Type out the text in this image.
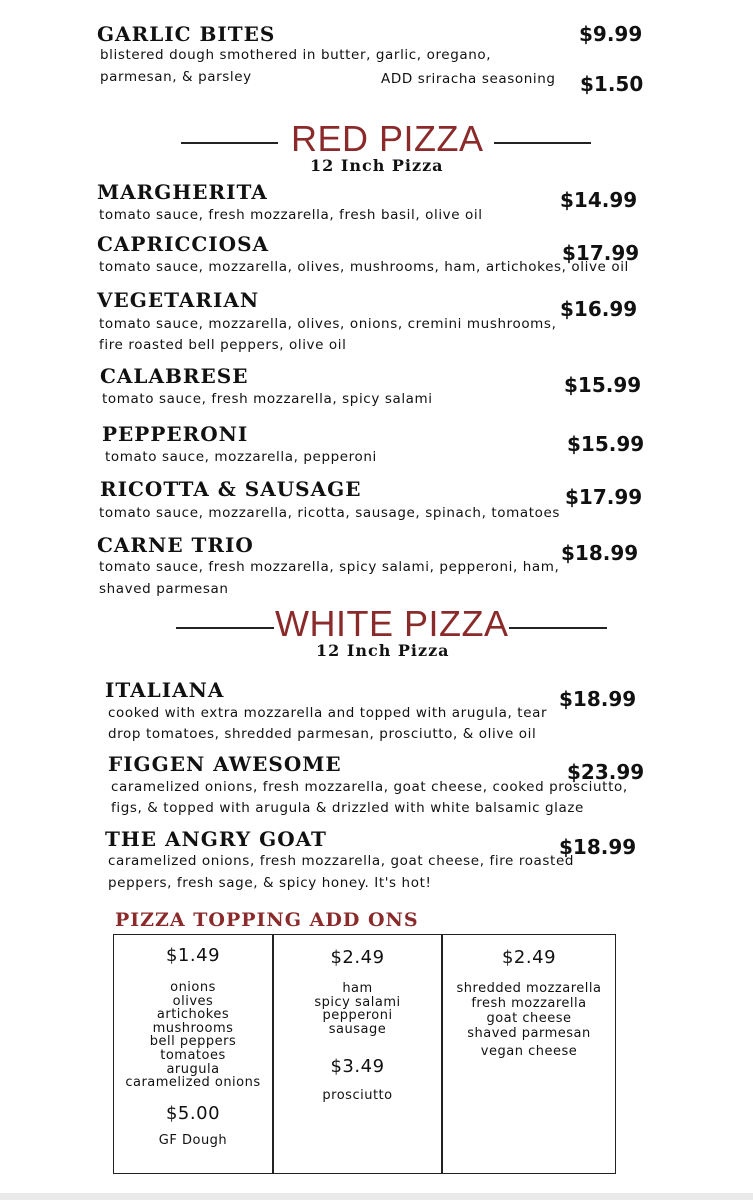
GARLIC BITES	$9.99
blistered dough smothered in butter, garlic, oregano,
parmesan, & parsley	ADD sriracha seasoning $1.50
RED PIZZA
12 Inch Pizza
MARGHERITA	$14.99
tomato sauce, fresh mozzarella, fresh basil, olive oil
CAPRICCIOSA	$17.99
tomato sauce, mozzarella, olives, mushrooms, ham, artichokes, olive oil
VEGETARIAN	$16.99
tomato sauce, mozzarella, olives, onions, cremini mushrooms,
fire roasted bell peppers, olive oil
CALABRESE	$15.99
tomato sauce, fresh mozzarella, spicy salami
PEPPERONI	$15.99
tomato sauce, mozzarella, pepperoni
RICOTTA & SAUSAGE	$17.99
tomato sauce, mozzarella, ricotta, sausage, spinach, tomatoes
CARNE TRIO	$18.99
tomato sauce, fresh mozzarella, spicy salami, pepperoni, ham,
shaved parmesan
WHITE PIZZA
12 Inch Pizza
ITALIANA	$18.99
cooked with extra mozzarella and topped with arugula, tear
drop tomatoes, shredded parmesan, prosciutto, & olive oil
FIGGEN AWESOME	$23.99
caramelized onions, fresh mozzarella, goat cheese, cooked prosciutto,
figs, & topped with arugula & drizzled with white balsamic glaze
THE ANGRY GOAT	$18.99
caramelized onions, fresh mozzarella, goat cheese, fire roasted
peppers, fresh sage, & spicy honey. It's hot!
PIZZA TOPPING ADD ONS
$1.49
onions
olives
artichokes
mushrooms
bell peppers
tomatoes
arugula
caramelized onions
$5.00
GF Dough
$2.49
ham
spicy salami
pepperoni
sausage
$3.49
prosciutto
$2.49
shredded mozzarella
fresh mozzarella
goat cheese
shaved parmesan
vegan cheese
